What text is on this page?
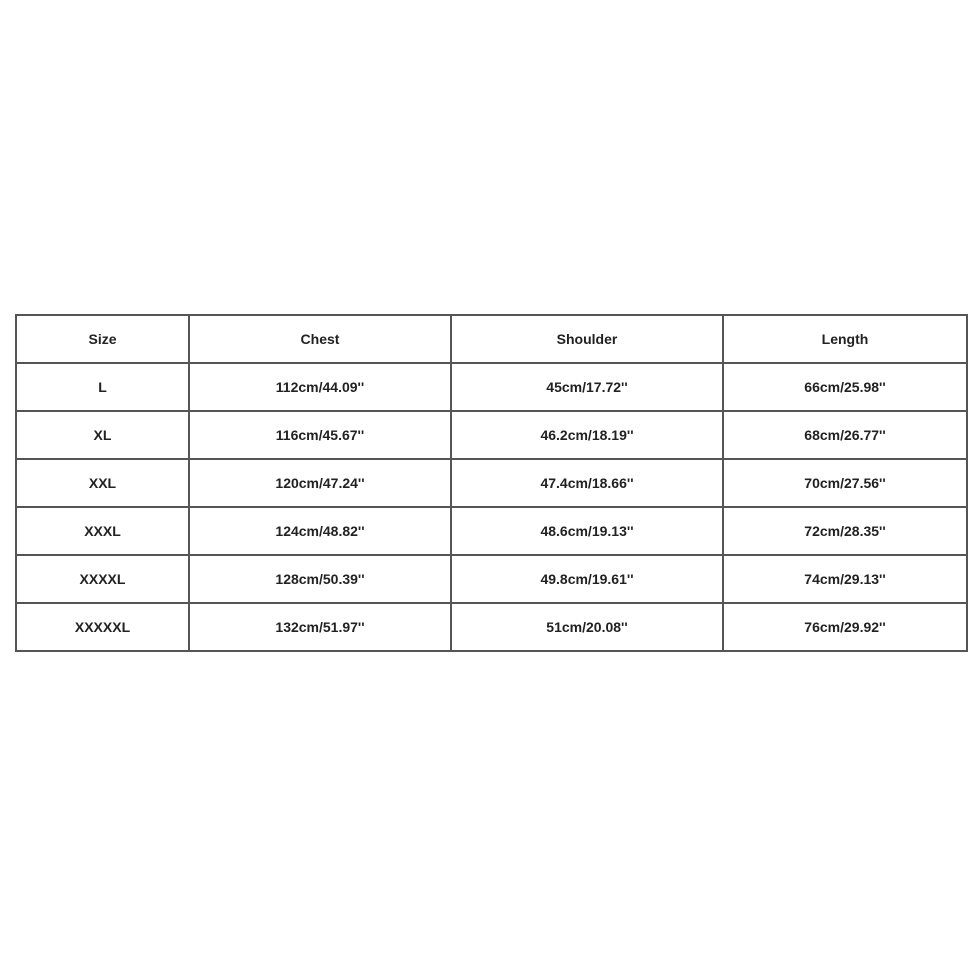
Size	Chest	Shoulder	Length
L	112cm/44.09''	45cm/17.72''	66cm/25.98''
XL	116cm/45.67''	46.2cm/18.19''	68cm/26.77''
XXL	120cm/47.24''	47.4cm/18.66''	70cm/27.56''
XXXL	124cm/48.82''	48.6cm/19.13''	72cm/28.35''
XXXXL	128cm/50.39''	49.8cm/19.61''	74cm/29.13''
XXXXXL	132cm/51.97''	51cm/20.08''	76cm/29.92''
